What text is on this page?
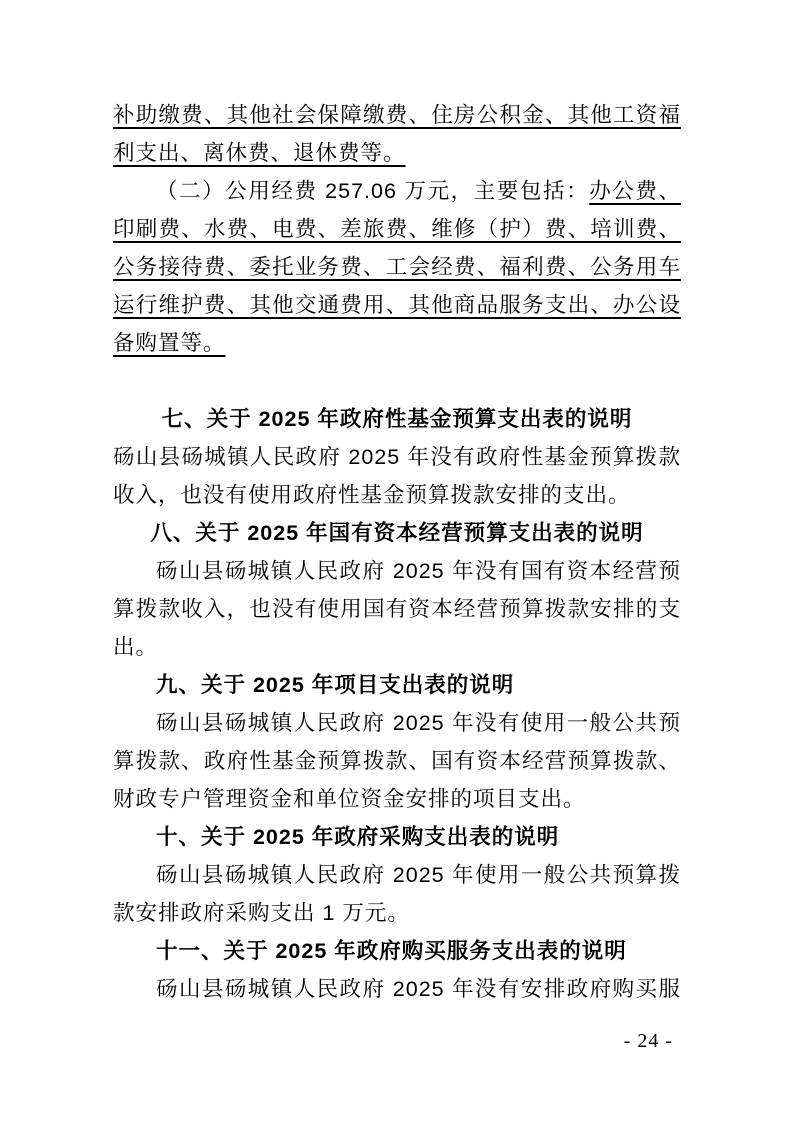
补助缴费、其他社会保障缴费、住房公积金、其他工资福
利支出、离休费、退休费等。
（二）公用经费 257.06 万元，主要包括：办公费、
印刷费、水费、电费、差旅费、维修（护）费、培训费、
公务接待费、委托业务费、工会经费、福利费、公务用车
运行维护费、其他交通费用、其他商品服务支出、办公设
备购置等。
七、关于 2025 年政府性基金预算支出表的说明
砀山县砀城镇人民政府 2025 年没有政府性基金预算拨款
收入，也没有使用政府性基金预算拨款安排的支出。
八、关于 2025 年国有资本经营预算支出表的说明
砀山县砀城镇人民政府 2025 年没有国有资本经营预
算拨款收入，也没有使用国有资本经营预算拨款安排的支
出。
九、关于 2025 年项目支出表的说明
砀山县砀城镇人民政府 2025 年没有使用一般公共预
算拨款、政府性基金预算拨款、国有资本经营预算拨款、
财政专户管理资金和单位资金安排的项目支出。
十、关于 2025 年政府采购支出表的说明
砀山县砀城镇人民政府 2025 年使用一般公共预算拨
款安排政府采购支出 1 万元。
十一、关于 2025 年政府购买服务支出表的说明
砀山县砀城镇人民政府 2025 年没有安排政府购买服
- 24 -
